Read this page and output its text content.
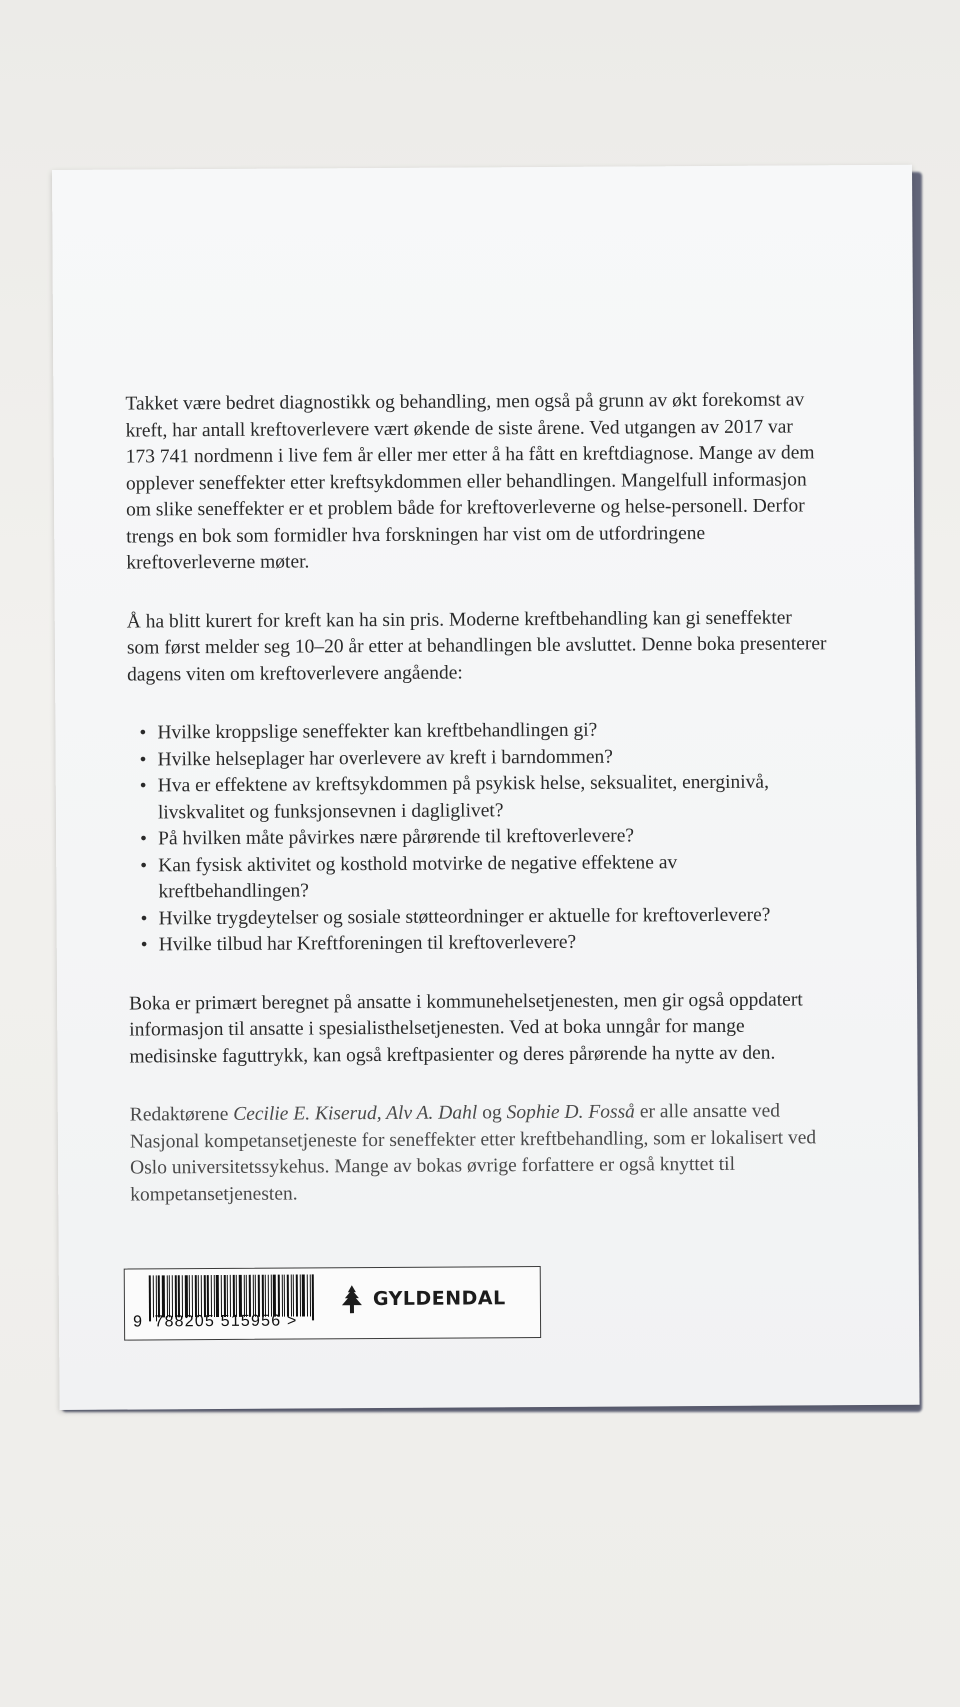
Takket være bedret diagnostikk og behandling, men også på grunn av økt forekomst av kreft, har antall kreftoverlevere vært økende de siste årene. Ved utgangen av 2017 var 173 741 nordmenn i live fem år eller mer etter å ha fått en kreftdiagnose. Mange av dem opplever seneffekter etter kreftsykdommen eller behandlingen. Mangelfull informasjon om slike seneffekter er et problem både for kreftoverleverne og helse-personell. Derfor trengs en bok som formidler hva forskningen har vist om de utfordringene kreftoverleverne møter.

Å ha blitt kurert for kreft kan ha sin pris. Moderne kreftbehandling kan gi seneffekter som først melder seg 10–20 år etter at behandlingen ble avsluttet. Denne boka presenterer dagens viten om kreftoverlevere angående:

• Hvilke kroppslige seneffekter kan kreftbehandlingen gi?
• Hvilke helseplager har overlevere av kreft i barndommen?
• Hva er effektene av kreftsykdommen på psykisk helse, seksualitet, energinivå, livskvalitet og funksjonsevnen i dagliglivet?
• På hvilken måte påvirkes nære pårørende til kreftoverlevere?
• Kan fysisk aktivitet og kosthold motvirke de negative effektene av kreftbehandlingen?
• Hvilke trygdeytelser og sosiale støtteordninger er aktuelle for kreftoverlevere?
• Hvilke tilbud har Kreftforeningen til kreftoverlevere?

Boka er primært beregnet på ansatte i kommunehelsetjenesten, men gir også oppdatert informasjon til ansatte i spesialisthelsetjenesten. Ved at boka unngår for mange medisinske faguttrykk, kan også kreftpasienter og deres pårørende ha nytte av den.

Redaktørene Cecilie E. Kiserud, Alv A. Dahl og Sophie D. Fosså er alle ansatte ved Nasjonal kompetansetjeneste for seneffekter etter kreftbehandling, som er lokalisert ved Oslo universitetssykehus. Mange av bokas øvrige forfattere er også knyttet til kompetansetjenesten.

9 788205 515956 >
GYLDENDAL
